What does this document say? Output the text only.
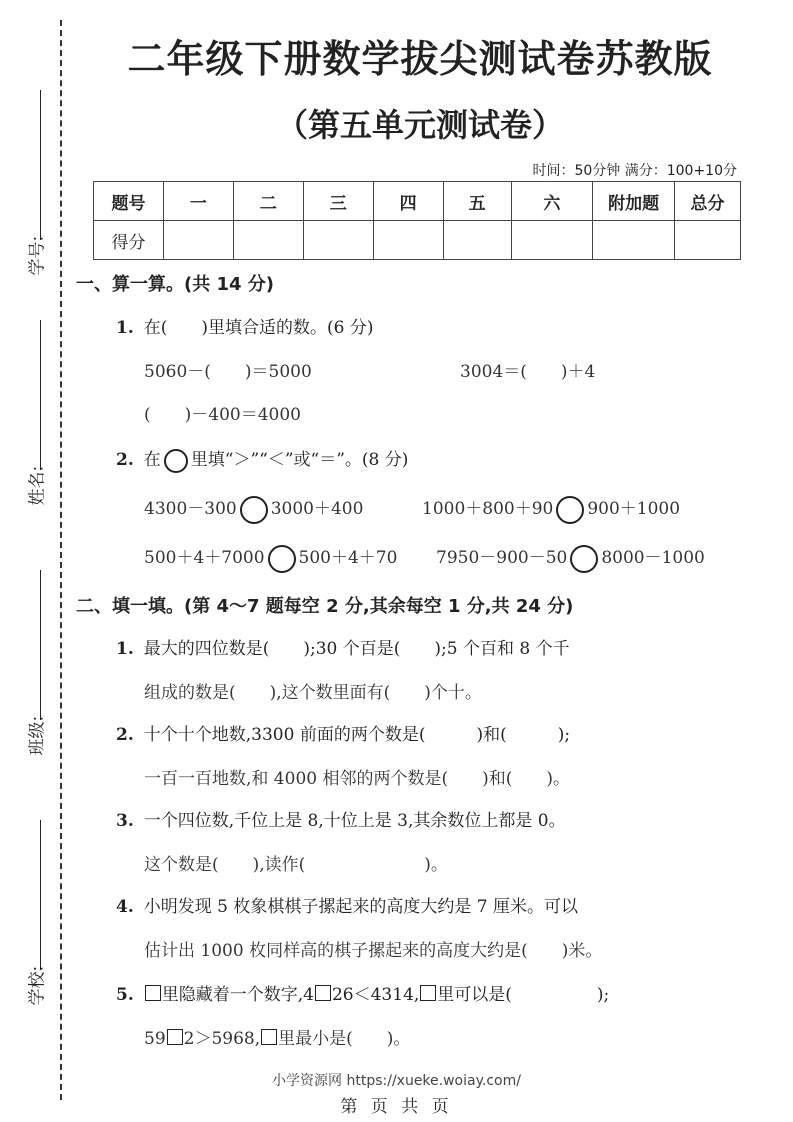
学号:
姓名:
班级:
学校:
二年级下册数学拔尖测试卷苏教版
（第五单元测试卷）
时间：50分钟 满分：100+10分
题号	一	二	三	四	五	六	附加题	总分
得分								
一、算一算。(共 14 分)
1. 在(　　)里填合适的数。(6 分)
5060－(　　)＝5000	3004＝(　　)＋4
(　　)－400＝4000
2. 在 里填“＞”“＜”或“＝”。(8 分)
4300－300 3000＋400	1000＋800＋90 900＋1000
500＋4＋7000 500＋4＋70 7950－900－50 8000－1000
二、填一填。(第 4～7 题每空 2 分,其余每空 1 分,共 24 分)
1. 最大的四位数是(　　);30 个百是(　　);5 个百和 8 个千
组成的数是(　　),这个数里面有(　　)个十。
2. 十个十个地数,3300 前面的两个数是(　　　)和(　　　);
一百一百地数,和 4000 相邻的两个数是(　　)和(　　)。
3. 一个四位数,千位上是 8,十位上是 3,其余数位上都是 0。
这个数是(　　),读作(　　　　　　　)。
4. 小明发现 5 枚象棋棋子摞起来的高度大约是 7 厘米。可以
估计出 1000 枚同样高的棋子摞起来的高度大约是(　　)米。
5. 里隐藏着一个数字,4 26＜4314, 里可以是(　　　　　);
59 2＞5968, 里最小是(　　)。
小学资源网 https://xueke.woiay.com/
第 页 共 页
